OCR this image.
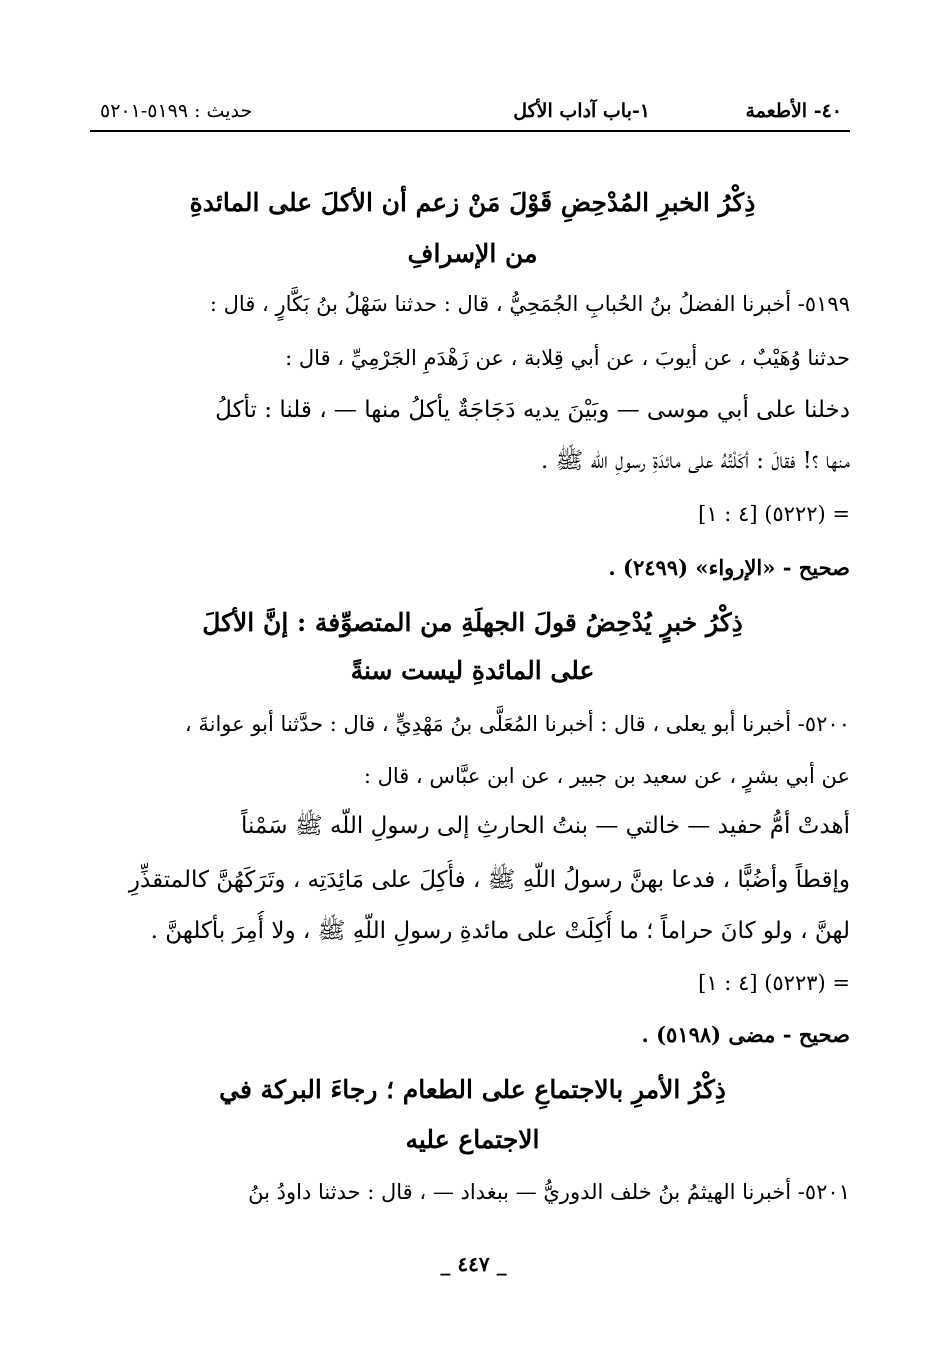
٤٠- الأطعمة
١-باب آداب الأكل
حديث : ٥١٩٩-٥٢٠١
ذِكْرُ الخبرِ المُدْحِضِ قَوْلَ مَنْ زعم أن الأكلَ على المائدةِ
من الإسرافِ
٥١٩٩- أخبرنا الفضلُ بنُ الحُبابِ الجُمَحِيُّ ، قال : حدثنا سَهْلُ بنُ بَكَّارٍ ، قال :
حدثنا وُهَيْبٌ ، عن أيوبَ ، عن أبي قِلابة ، عن زَهْدَمِ الجَرْمِيِّ ، قال :
دخلنا على أبي موسى — وبَيْنَ يديه دَجَاجَةٌ يأكلُ منها — ، قلنا : تأكلُ
منها ؟! فقالَ : أكَلْتُهُ على مائدَةِ رسولِ اللّه ﷺ .
= (٥٢٢٢) [٤ : ١]
صحيح - «الإرواء» (٢٤٩٩) .
ذِكْرُ خبرٍ يُدْحِضُ قولَ الجهلَةِ من المتصوِّفة : إنَّ الأكلَ
على المائدةِ ليست سنةً
٥٢٠٠- أخبرنا أبو يعلى ، قال : أخبرنا المُعَلَّى بنُ مَهْدِيٍّ ، قال : حدَّثنا أبو عوانةَ ،
عن أبي بشرٍ ، عن سعيد بن جبير ، عن ابن عبَّاس ، قال :
أهدتْ أمُّ حفيد — خالتي — بنتُ الحارثِ إلى رسولِ اللّه ﷺ سَمْناً
وإقطاً وأضُبًّا ، فدعا بهنَّ رسولُ اللّهِ ﷺ ، فأُكِلَ على مَائِدَتِه ، وتَرَكَهُنَّ كالمتقذِّرِ
لهنَّ ، ولو كانَ حراماً ؛ ما أُكِلَتْ على مائدةِ رسولِ اللّهِ ﷺ ، ولا أُمِرَ بأكلهنَّ .
= (٥٢٢٣) [٤ : ١]
صحيح - مضى (٥١٩٨) .
ذِكْرُ الأمرِ بالاجتماعِ على الطعام ؛ رجاءَ البركة في
الاجتماع عليه
٥٢٠١- أخبرنا الهيثمُ بنُ خلف الدوريُّ — ببغداد — ، قال : حدثنا داودُ بنُ
_ ٤٤٧ _
